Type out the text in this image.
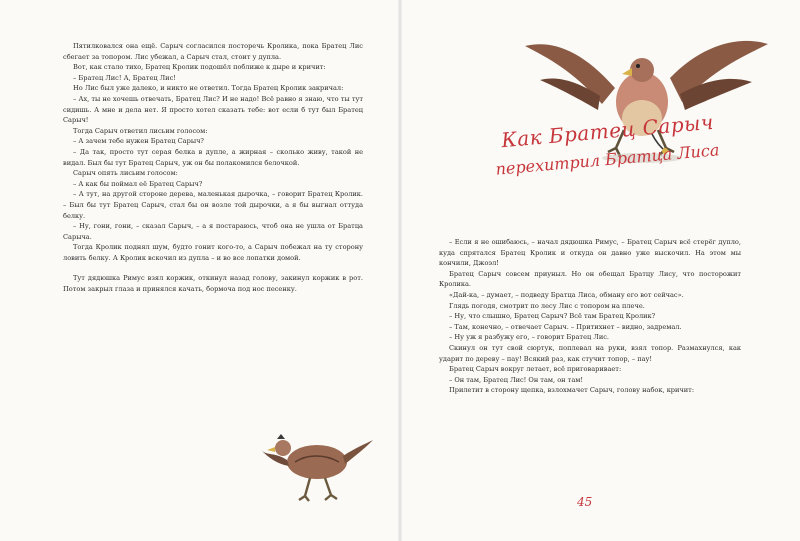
Пятилковался она ещё. Сарыч согласился посторечь Кролика, пока Братец Лис сбегает за топором. Лис убежал, а Сарыч стал, стоит у дупла.

Вот, как стало тихо, Братец Кролик подошёл поближе к дыре и кричит:

– Братец Лис! А, Братец Лис!

Но Лис был уже далеко, и никто не ответил. Тогда Братец Кролик закричал:

– Ах, ты не хочешь отвечать, Братец Лис? И не надо! Всё равно я знаю, что ты тут сидишь. А мне и дела нет. Я просто хотел сказать тебе: вот если б тут был Братец Сарыч!

Тогда Сарыч ответил лисьим голосом:

– А зачем тебе нужен Братец Сарыч?

– Да так, просто тут серая белка в дупле, а жирная – сколько живу, такой не видал. Был бы тут Братец Сарыч, уж он бы полакомился белочкой.

Сарыч опять лисьим голосом:

– А как бы поймал её Братец Сарыч?

– А тут, на другой стороне дерева, маленькая дырочка, – говорит Братец Кролик. – Был бы тут Братец Сарыч, стал бы он возле той дырочки, а я бы выгнал оттуда белку.

– Ну, гони, гони, – сказал Сарыч, – а я постараюсь, чтоб она не ушла от Братца Сарыча.

Тогда Кролик поднял шум, будто гонит кого-то, а Сарыч побежал на ту сторону ловить белку. А Кролик вскочил из дупла – и во все лопатки домой.

Тут дядюшка Римус взял коржик, откинул назад голову, закинул коржик в рот. Потом закрыл глаза и принялся качать, бормоча под нос песенку.

Как Братец Сарыч
перехитрил Братца Лиса

– Если я не ошибаюсь, – начал дядюшка Римус, – Братец Сарыч всё стерёг дупло, куда спрятался Братец Кролик и откуда он давно уже выскочил. На этом мы кончили, Джоэл!

Братец Сарыч совсем приуныл. Но он обещал Братцу Лису, что посторожит Кролика.

«Дай-ка, – думает, – подведу Братца Лиса, обману его вот сейчас».

Глядь погодя, смотрит по лесу Лис с топором на плече.

– Ну, что слышно, Братец Сарыч? Всё там Братец Кролик?

– Там, конечно, – отвечает Сарыч. – Притихнет – видно, задремал.

– Ну уж я разбужу его, – говорит Братец Лис.

Скинул он тут свой сюртук, поплевал на руки, взял топор. Размахнулся, как ударит по дереву – пау! Всякий раз, как стучит топор, – пау!

Братец Сарыч вокруг летает, всё приговаривает:

– Он там, Братец Лис! Он там, он там!

Прилетит в сторону щепка, взлохмачет Сарыч, голову набок, кричит:

45
